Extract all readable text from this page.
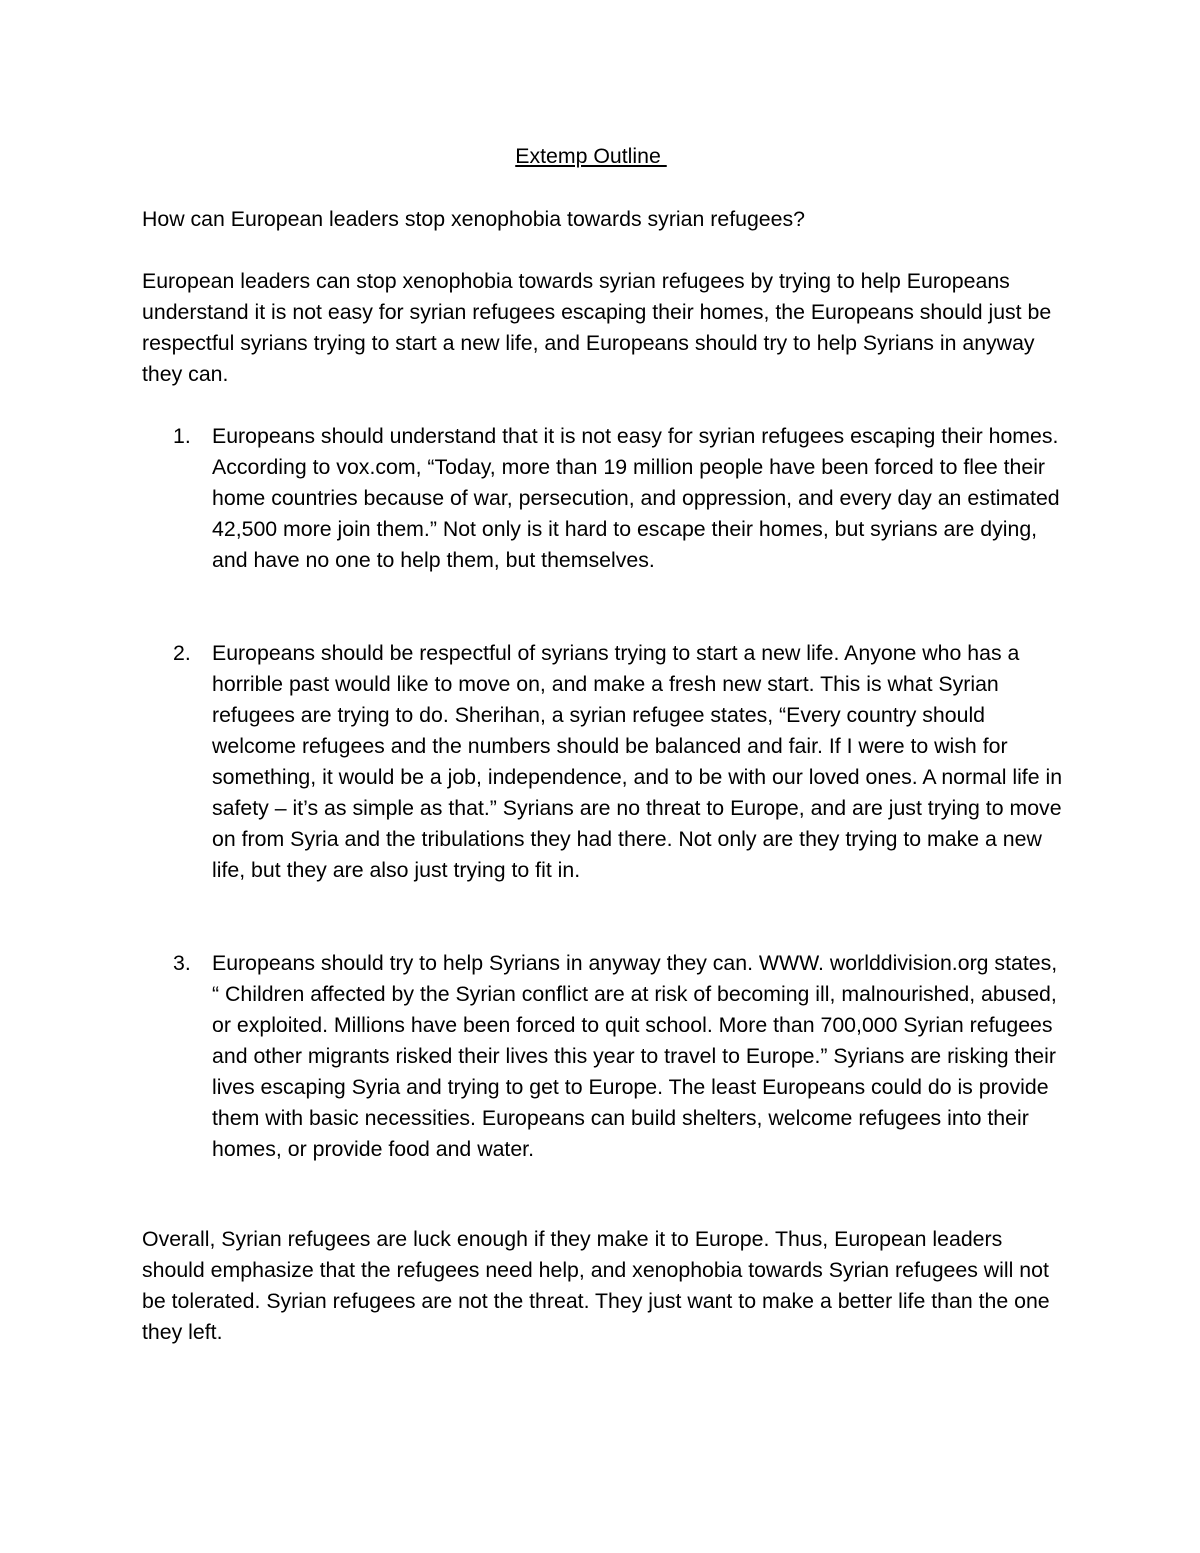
Extemp Outline

How can European leaders stop xenophobia towards syrian refugees?

European leaders can stop xenophobia towards syrian refugees by trying to help Europeans understand it is not easy for syrian refugees escaping their homes, the Europeans should just be respectful syrians trying to start a new life, and Europeans should try to help Syrians in anyway they can.

1. Europeans should understand that it is not easy for syrian refugees escaping their homes. According to vox.com, “Today, more than 19 million people have been forced to flee their home countries because of war, persecution, and oppression, and every day an estimated 42,500 more join them.” Not only is it hard to escape their homes, but syrians are dying, and have no one to help them, but themselves.

2. Europeans should be respectful of syrians trying to start a new life. Anyone who has a horrible past would like to move on, and make a fresh new start. This is what Syrian refugees are trying to do. Sherihan, a syrian refugee states, “Every country should welcome refugees and the numbers should be balanced and fair. If I were to wish for something, it would be a job, independence, and to be with our loved ones. A normal life in safety – it’s as simple as that.” Syrians are no threat to Europe, and are just trying to move on from Syria and the tribulations they had there. Not only are they trying to make a new life, but they are also just trying to fit in.

3. Europeans should try to help Syrians in anyway they can. WWW. worlddivision.org states, “ Children affected by the Syrian conflict are at risk of becoming ill, malnourished, abused, or exploited. Millions have been forced to quit school. More than 700,000 Syrian refugees and other migrants risked their lives this year to travel to Europe.” Syrians are risking their lives escaping Syria and trying to get to Europe. The least Europeans could do is provide them with basic necessities. Europeans can build shelters, welcome refugees into their homes, or provide food and water.

Overall, Syrian refugees are luck enough if they make it to Europe. Thus, European leaders should emphasize that the refugees need help, and xenophobia towards Syrian refugees will not be tolerated. Syrian refugees are not the threat. They just want to make a better life than the one they left.
